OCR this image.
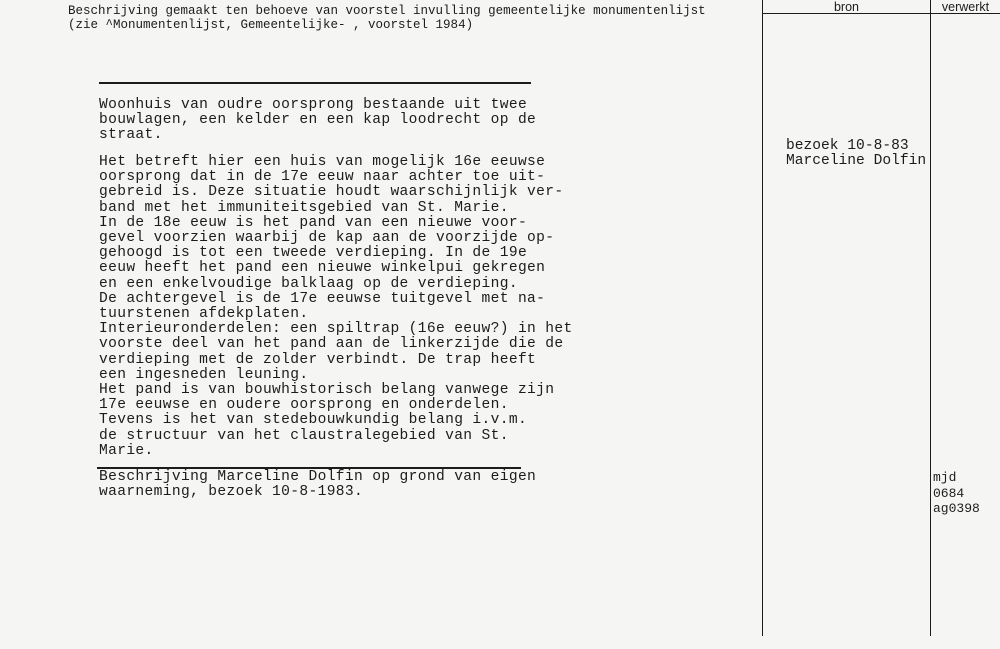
Beschrijving gemaakt ten behoeve van voorstel invulling gemeentelijke monumentenlijst
(zie ^Monumentenlijst, Gemeentelijke- , voorstel 1984)
bron	verwerkt
Woonhuis van oudre oorsprong bestaande uit twee
bouwlagen, een kelder en een kap loodrecht op de
straat.
Het betreft hier een huis van mogelijk 16e eeuwse
oorsprong dat in de 17e eeuw naar achter toe uit-
gebreid is. Deze situatie houdt waarschijnlijk ver-
band met het immuniteitsgebied van St. Marie.
In de 18e eeuw is het pand van een nieuwe voor-
gevel voorzien waarbij de kap aan de voorzijde op-
gehoogd is tot een tweede verdieping. In de 19e
eeuw heeft het pand een nieuwe winkelpui gekregen
en een enkelvoudige balklaag op de verdieping.
De achtergevel is de 17e eeuwse tuitgevel met na-
tuurstenen afdekplaten.
Interieuronderdelen: een spiltrap (16e eeuw?) in het
voorste deel van het pand aan de linkerzijde die de
verdieping met de zolder verbindt. De trap heeft
een ingesneden leuning.
Het pand is van bouwhistorisch belang vanwege zijn
17e eeuwse en oudere oorsprong en onderdelen.
Tevens is het van stedebouwkundig belang i.v.m.
de structuur van het claustralegebied van St.
Marie.
Beschrijving Marceline Dolfin op grond van eigen
waarneming, bezoek 10-8-1983.
bezoek 10-8-83
Marceline Dolfin
mjd
0684
ag0398
